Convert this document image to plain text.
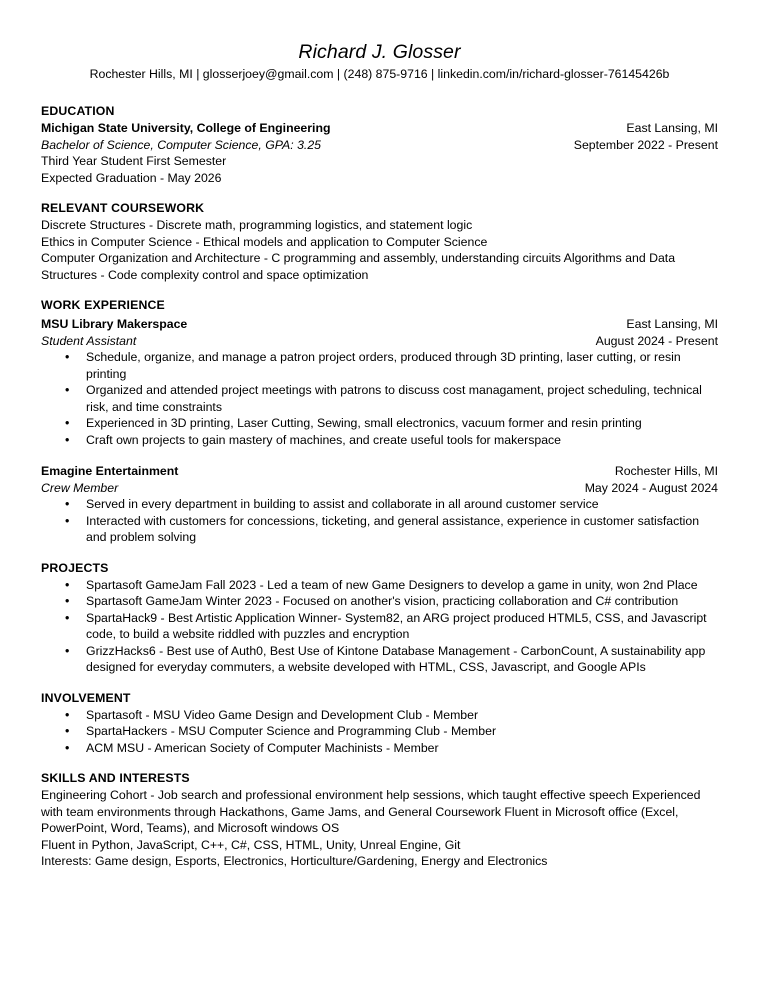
Richard J. Glosser
Rochester Hills, MI | glosserjoey@gmail.com | (248) 875-9716 | linkedin.com/in/richard-glosser-76145426b
EDUCATION
Michigan State University, College of Engineering	East Lansing, MI
Bachelor of Science, Computer Science, GPA: 3.25	September 2022 - Present
Third Year Student First Semester
Expected Graduation - May 2026
RELEVANT COURSEWORK
Discrete Structures - Discrete math, programming logistics, and statement logic
Ethics in Computer Science - Ethical models and application to Computer Science
Computer Organization and Architecture - C programming and assembly, understanding circuits Algorithms and Data Structures - Code complexity control and space optimization
WORK EXPERIENCE
MSU Library Makerspace	East Lansing, MI
Student Assistant	August 2024 - Present
• Schedule, organize, and manage a patron project orders, produced through 3D printing, laser cutting, or resin printing
• Organized and attended project meetings with patrons to discuss cost managament, project scheduling, technical risk, and time constraints
• Experienced in 3D printing, Laser Cutting, Sewing, small electronics, vacuum former and resin printing
• Craft own projects to gain mastery of machines, and create useful tools for makerspace
Emagine Entertainment	Rochester Hills, MI
Crew Member	May 2024 - August 2024
• Served in every department in building to assist and collaborate in all around customer service
• Interacted with customers for concessions, ticketing, and general assistance, experience in customer satisfaction and problem solving
PROJECTS
• Spartasoft GameJam Fall 2023 - Led a team of new Game Designers to develop a game in unity, won 2nd Place
• Spartasoft GameJam Winter 2023 - Focused on another's vision, practicing collaboration and C# contribution
• SpartaHack9 - Best Artistic Application Winner- System82, an ARG project produced HTML5, CSS, and Javascript code, to build a website riddled with puzzles and encryption
• GrizzHacks6 - Best use of Auth0, Best Use of Kintone Database Management - CarbonCount, A sustainability app designed for everyday commuters, a website developed with HTML, CSS, Javascript, and Google APIs
INVOLVEMENT
• Spartasoft - MSU Video Game Design and Development Club - Member
• SpartaHackers - MSU Computer Science and Programming Club - Member
• ACM MSU - American Society of Computer Machinists - Member
SKILLS AND INTERESTS
Engineering Cohort - Job search and professional environment help sessions, which taught effective speech Experienced with team environments through Hackathons, Game Jams, and General Coursework Fluent in Microsoft office (Excel, PowerPoint, Word, Teams), and Microsoft windows OS
Fluent in Python, JavaScript, C++, C#, CSS, HTML, Unity, Unreal Engine, Git
Interests: Game design, Esports, Electronics, Horticulture/Gardening, Energy and Electronics
